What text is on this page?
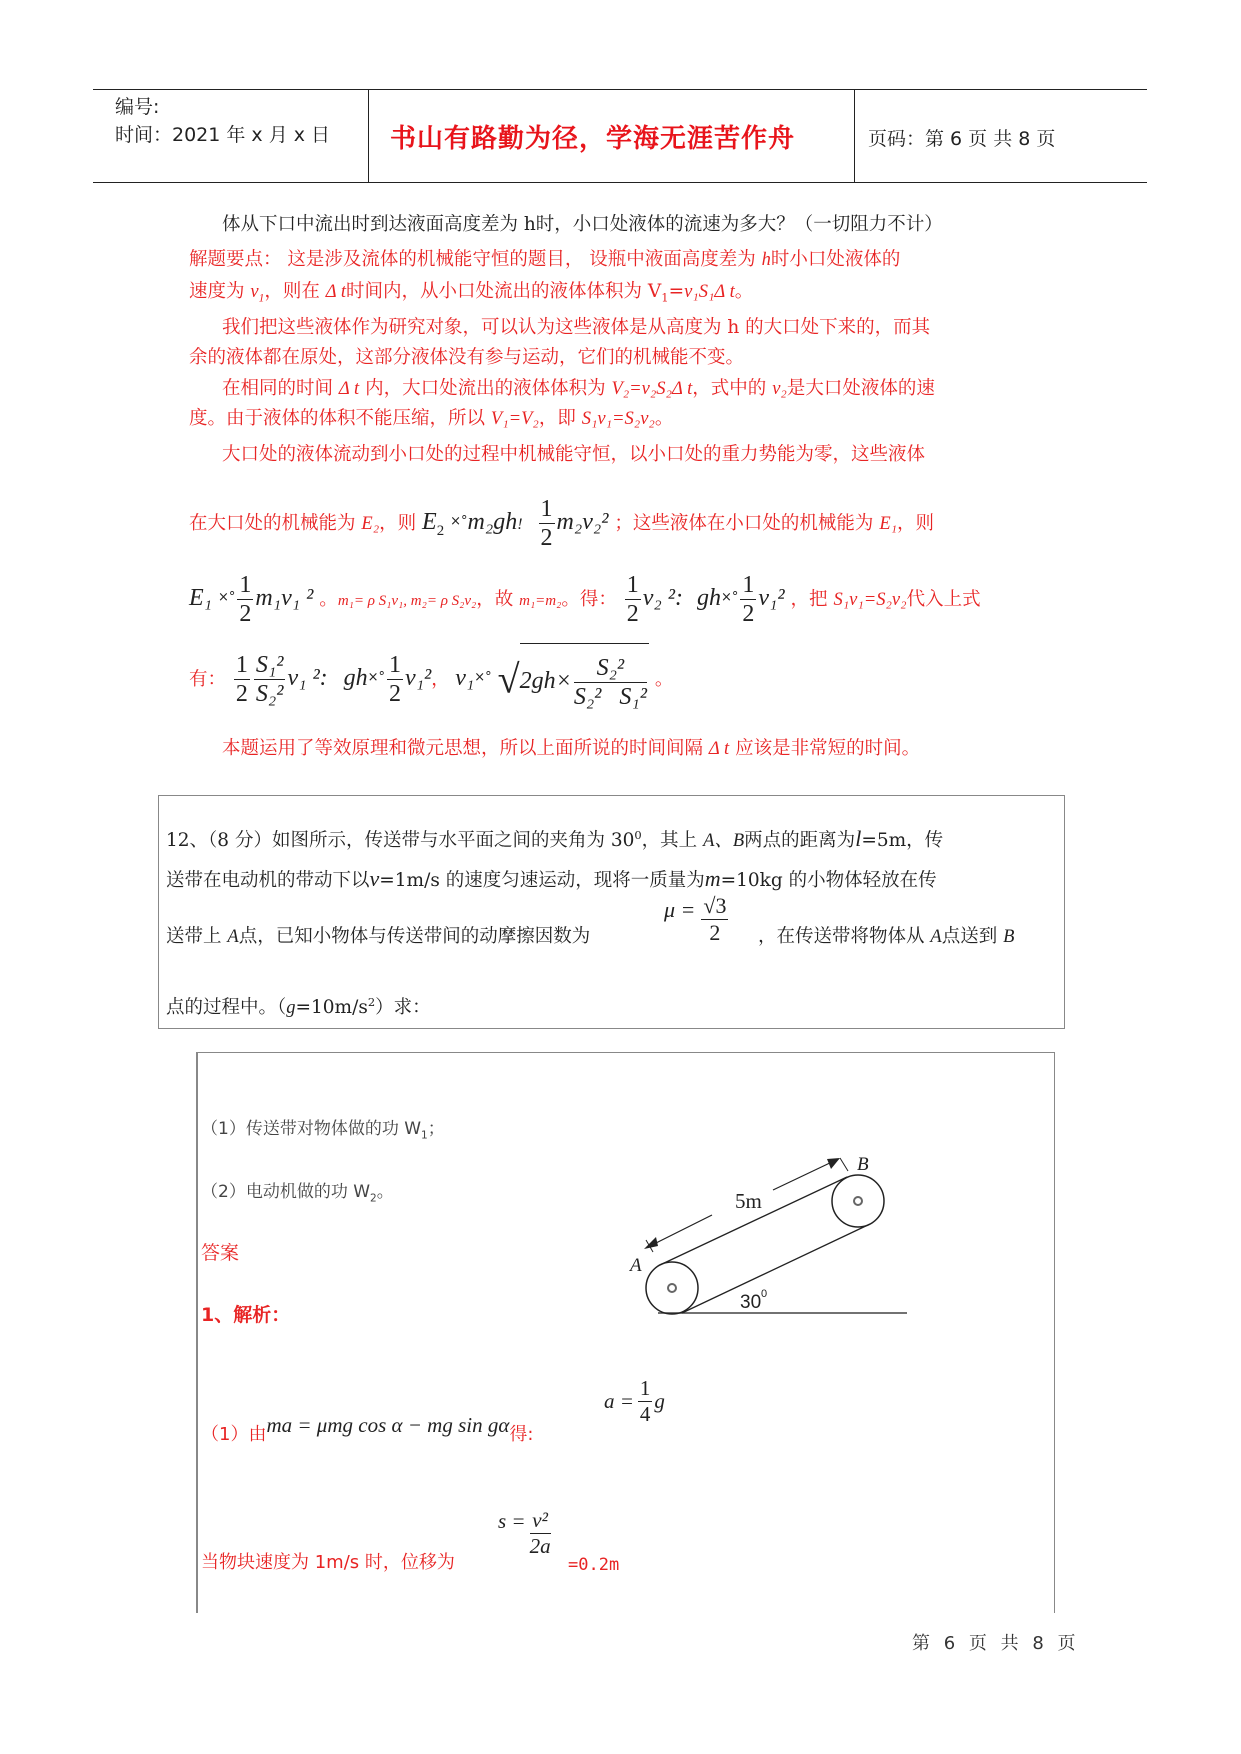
编号:
时间：2021 年 x 月 x 日 书山有路勤为径，学海无涯苦作舟	页码：第 6 页 共 8 页
体从下口中流出时到达液面高度差为 h时，小口处液体的流速为多大？（一切阻力不计）
解题要点： 这是涉及流体的机械能守恒的题目， 设瓶中液面高度差为 h时小口处液体的
速度为 $v_1$，则在 Δ t时间内，从小口处流出的液体体积为 $V_1=v_1S_1\Delta$ t。
我们把这些液体作为研究对象，可以认为这些液体是从高度为 h 的大口处下来的，而其
余的液体都在原处，这部分液体没有参与运动，它们的机械能不变。
在相同的时间 Δ t 内，大口处流出的液体体积为 V₂=v₂S₂Δ t，式中的 v₂是大口处液体的速
度。由于液体的体积不能压缩，所以 V₁=V₂，即 S₁v₁=S₂v₂。
大口处的液体流动到小口处的过程中机械能守恒，以小口处的重力势能为零，这些液体
在大口处的机械能为 E₂，则 $E_2$ ×°m₂gh! $\frac{1}{2} m_2v_2^2$ ；这些液体在小口处的机械能为 E₁，则
E₁ $^{\times^\circ} \frac{1}{2} m_1v_1$ ² 。m₁= ρ S₁v₁, m₂= ρ S₂v₂，故 m₁=m₂。得： $\frac{1}{2} v_2$ ²: $gh^{\times^\circ} \frac{1}{2} v_1^2$ ，把 S₁v₁=S₂v₂代入上式
有： $\frac{1}{2} \frac{\text{S₁²}}{\text{S₂²}} v_1$ ²: $gh^{\times^\circ} \frac{1}{2} v_1^2$， v₁×° $√2gh\times \frac{\text{S₂²}}{\text{S₂²   S₁²}}$ 。
本题运用了等效原理和微元思想，所以上面所说的时间间隔 Δ t 应该是非常短的时间。
12、（8 分）如图所示，传送带与水平面之间的夹角为 $30^0$，其上 A、B两点的距离为l=5m，传
送带在电动机的带动下以v=1m/s 的速度匀速运动，现将一质量为m=10kg 的小物体轻放在传
送带上 A点，已知小物体与传送带间的动摩擦因数为
$\mu = \frac{√3}{2}$ ，在传送带将物体从 A点送到 B
点的过程中。$(g=10m/s^2)$求：
（1）传送带对物体做的功 $W_1$；
（2）电动机做的功 $W_2$。
答案
1、解析：
（1）由ma = μmg cos α − mg sin gα得:
$a = \frac{1}{4}$ g
当物块速度为 1m/s 时，位移为
$s = \frac{\text{v²}}{2a}$
=0.2m
5m
A
B
30 0
第 6 页 共 8 页
